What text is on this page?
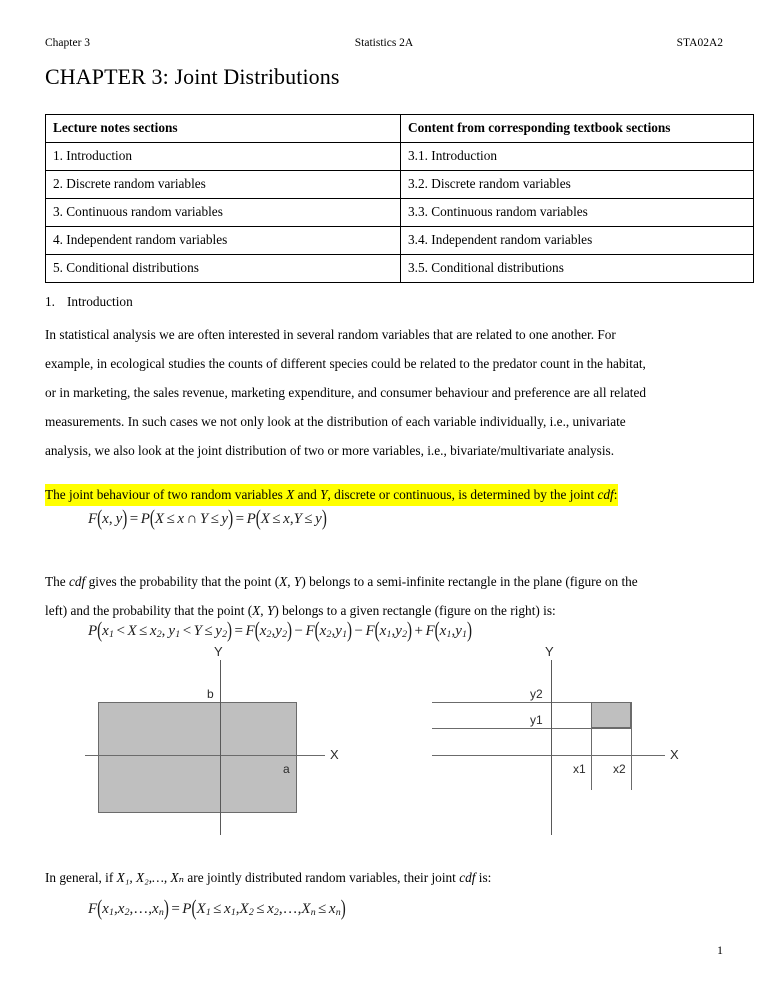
Chapter 3	Statistics 2A	STA02A2
CHAPTER 3: Joint Distributions
Lecture notes sections	Content from corresponding textbook sections
1. Introduction	3.1. Introduction
2. Discrete random variables	3.2. Discrete random variables
3. Continuous random variables	3.3. Continuous random variables
4. Independent random variables	3.4. Independent random variables
5. Conditional distributions	3.5. Conditional distributions
1. Introduction
In statistical analysis we are often interested in several random variables that are related to one another. For
example, in ecological studies the counts of different species could be related to the predator count in the habitat,
or in marketing, the sales revenue, marketing expenditure, and consumer behaviour and preference are all related
measurements. In such cases we not only look at the distribution of each variable individually, i.e., univariate
analysis, we also look at the joint distribution of two or more variables, i.e., bivariate/multivariate analysis.
The joint behaviour of two random variables X and Y, discrete or continuous, is determined by the joint cdf:
F(x,  y) = P(X ≤ x ∩ Y ≤ y) = P(X ≤ x,Y ≤ y)
The cdf gives the probability that the point (X, Y) belongs to a semi-infinite rectangle in the plane (figure on the
left) and the probability that the point (X, Y) belongs to a given rectangle (figure on the right) is:
$P(x_1 < X \le x_2$,  $y_1 < Y \le y_2) = F(x_2,y_2) - F(x_2,y_1) - F(x_1,y_2) + F(x_1,y_1)$
Y
X
b
a
Y
X
y2
y1
x1 x2
In general, if X₁, X₂,…, Xₙ are jointly distributed random variables, their joint cdf is:
$F(x_1,x_2,\dots,x_n) = P(X_1 \le x_1,X_2$ ≤ $x_2,\dots,X_n \le x_n$)
1
